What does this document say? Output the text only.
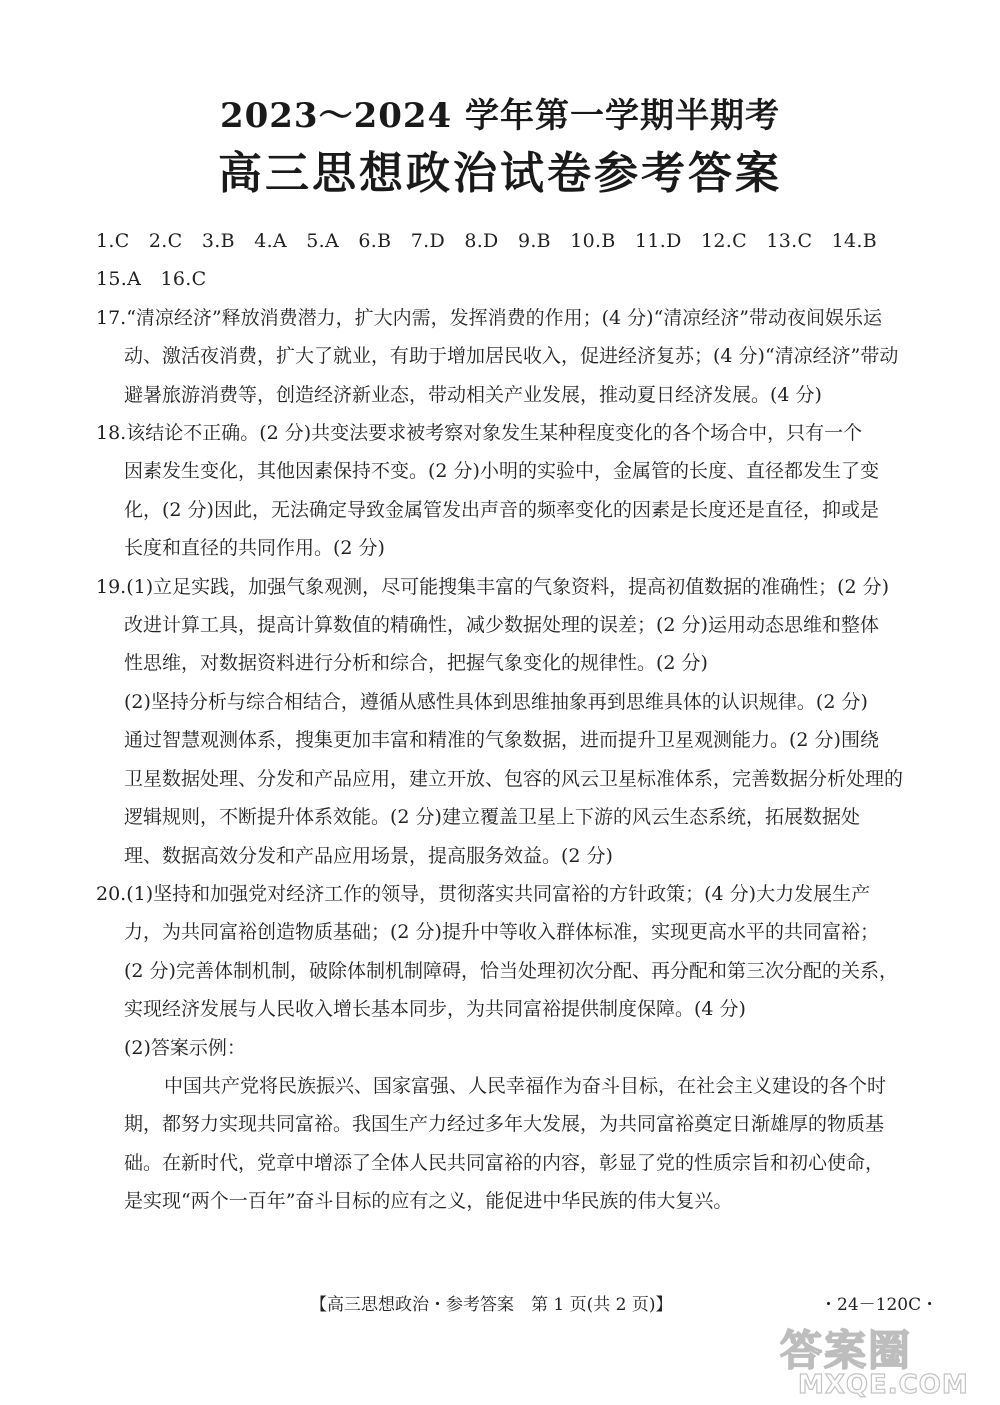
2023～2024 学年第一学期半期考
高三思想政治试卷参考答案
1.C 2.C 3.B 4.A 5.A 6.B 7.D 8.D 9.B 10.B 11.D 12.C 13.C 14.B
15.A 16.C
17.“清凉经济”释放消费潜力，扩大内需，发挥消费的作用；(4 分)“清凉经济”带动夜间娱乐运
动、激活夜消费，扩大了就业，有助于增加居民收入，促进经济复苏；(4 分)“清凉经济”带动
避暑旅游消费等，创造经济新业态，带动相关产业发展，推动夏日经济发展。(4 分)
18.该结论不正确。(2 分)共变法要求被考察对象发生某种程度变化的各个场合中，只有一个
因素发生变化，其他因素保持不变。(2 分)小明的实验中，金属管的长度、直径都发生了变
化，(2 分)因此，无法确定导致金属管发出声音的频率变化的因素是长度还是直径，抑或是
长度和直径的共同作用。(2 分)
19.(1)立足实践，加强气象观测，尽可能搜集丰富的气象资料，提高初值数据的准确性；(2 分)
改进计算工具，提高计算数值的精确性，减少数据处理的误差；(2 分)运用动态思维和整体
性思维，对数据资料进行分析和综合，把握气象变化的规律性。(2 分)
(2)坚持分析与综合相结合，遵循从感性具体到思维抽象再到思维具体的认识规律。(2 分)
通过智慧观测体系，搜集更加丰富和精准的气象数据，进而提升卫星观测能力。(2 分)围绕
卫星数据处理、分发和产品应用，建立开放、包容的风云卫星标准体系，完善数据分析处理的
逻辑规则，不断提升体系效能。(2 分)建立覆盖卫星上下游的风云生态系统，拓展数据处
理、数据高效分发和产品应用场景，提高服务效益。(2 分)
20.(1)坚持和加强党对经济工作的领导，贯彻落实共同富裕的方针政策；(4 分)大力发展生产
力，为共同富裕创造物质基础；(2 分)提升中等收入群体标准，实现更高水平的共同富裕；
(2 分)完善体制机制，破除体制机制障碍，恰当处理初次分配、再分配和第三次分配的关系，
实现经济发展与人民收入增长基本同步，为共同富裕提供制度保障。(4 分)
(2)答案示例：
中国共产党将民族振兴、国家富强、人民幸福作为奋斗目标，在社会主义建设的各个时
期，都努力实现共同富裕。我国生产力经过多年大发展，为共同富裕奠定日渐雄厚的物质基
础。在新时代，党章中增添了全体人民共同富裕的内容，彰显了党的性质宗旨和初心使命，
是实现“两个一百年”奋斗目标的应有之义，能促进中华民族的伟大复兴。
【高三思想政治・参考答案　第 1 页(共 2 页)】	・24－120C・
答案圈
MXQE.COM
